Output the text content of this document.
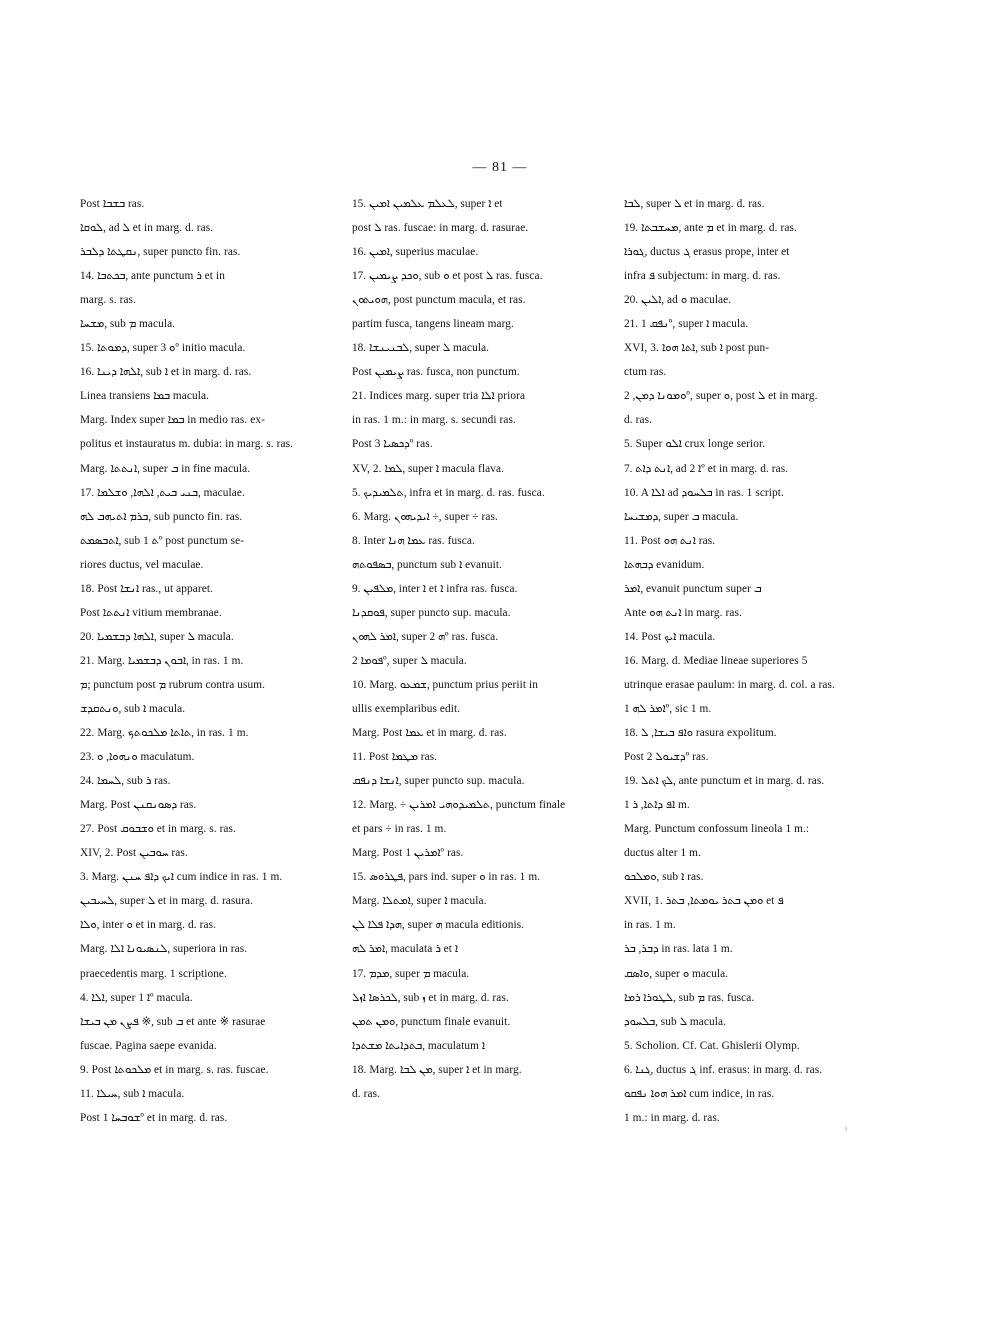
— 81 —
Post ܒܫܒܐ ras.
ܠܘܩܐ, ad ܠ et in marg. d. ras.
ܢܩܛܬܐ ܕܠܒܪ, super puncto fin. ras.
14. ܒܟܬܒܐ, ante punctum ܪ et in
marg. s. ras.
ܡܫܚܐ, sub ܡ macula.
15. ܕܡܘܬܐ, super ܘ 3º initio macula.
16. ܐܠܗܐ ܕܝܢܐ, sub ܐ et in marg. d. ras.
Linea transiens ܒܡܐ macula.
Marg. Index super ܒܡܐ in medio ras. ex-
politus et instauratus m. dubia: in marg. s. ras.
Marg. ܐܢܬܬܐ, super ܒ in fine macula.
17. ܒܢܝ ܒܝܬ, ܐܠܗܐ, ܘܫܠܡܐ, maculae.
ܒܪܡ ܐܬܝܗܒ ܠܗ, sub puncto fin. ras.
ܐܬܒܣܡܬ, sub ܬ 1º post punctum se-
riores ductus, vel maculae.
18. Post ܐܢܫܐ ras., ut apparet.
Post ܐܢܬܬܐ vitium membranae.
20. ܐܠܗܐ ܕܒܫܡܝܐ, super ܠ macula.
21. Marg. ܐܒܘܢ ܕܒܫܡܝܐ, in ras. 1 m.
ܡ; punctum post ܡ rubrum contra usum.
ܘܢܬܩܕܫ, sub ܐ macula.
22. Marg. ܬܐܬܐ ܡܠܟܘܬܟ, in ras. 1 m.
23. ܘܢܗܘܐ, ܘ maculatum.
24. ܠܚܡܐ, sub ܪ ras.
Marg. Post ܕܣܘܢܩܢܢ ras.
27. Post ܘܫܒܘܩ et in marg. s. ras.
XIV, 2. Post ܚܘܒܝܢ ras.
3. Marg. ܐܝܟ ܕܐܦ ܚܢܢ cum indice in ras. 1 m.
ܠܚܝܒܝܢ, super ܠ et in marg. d. rasura.
ܘܠܐ, inter ܘ et in marg. d. ras.
Marg. ܠܢܣܝܘܢܐ ܐܠܐ, superiora in ras.
praecedentis marg. 1 scriptione.
4. ܐܠܐ, super ܐ 1º macula.
ܦܨܢ ܡܢ ܒܝܫܐ ※, sub ܒ et ante ※ rasurae
fuscae. Pagina saepe evanida.
9. Post ܡܠܟܘܬܐ et in marg. s. ras. fuscae.
11. ܚܝܠܐ, sub ܐ macula.
Post ܫܘܒܚܐ 1º et in marg. d. ras.
15. ܠܥܠܡ ܥܠܡܝܢ ܐܡܝܢ, super ܐ et
post ܠ ras. fuscae: in marg. d. rasurae.
16. ܐܡܝܢ, superius maculae.
17. ܘܟܕ ܨܝܡܝܢ, sub ܘ et post ܠ ras. fusca.
ܗܘܝܬܘܢ, post punctum macula, et ras.
partim fusca, tangens lineam marg.
18. ܠܒܢܝܢܫܐ, super ܠ macula.
Post ܨܝܡܝܢ ras. fusca, non punctum.
21. Indices marg. super tria ܐܠܐ priora
in ras. 1 m.: in marg. s. secundi ras.
Post ܕܟܣܝܐ 3º ras.
XV, 2. ܠܡܐ, super ܐ macula flava.
5. ܬܠܡܝܕܝܟ, infra et in marg. d. ras. fusca.
6. Marg. ܐܝܕܝܗܘܢ ÷, super ÷ ras.
8. Inter ܥܡܐ ܗܢܐ ras. fusca.
ܒܣܦܘܬܗ, punctum sub ܐ evanuit.
9. ܡܠܦܝܢ, inter ܐ et ܐ infra ras. fusca.
ܦܘܩܕܢܐ, super puncto sup. macula.
ܐܡܪ ܠܗܘܢ, super ܗ 2º ras. fusca.
ܦܘܡܐ 2º, super ܠ macula.
10. Marg. ܫܡܥܘ, punctum prius periit in
ullis exemplaribus edit.
Marg. Post ܥܡܐ et in marg. d. ras.
11. Post ܡܛܡܐ ras.
ܐܢܫܐ ܕܢܦܩ, super puncto sup. macula.
12. Marg. ÷ ܬܠܡܝܕܘܗܝ ܐܡܪܝܢ, punctum finale
et pars ÷ in ras. 1 m.
Marg. Post ܐܡܪܝܢ 1º ras.
15. ܦܛܪܘܣ, pars ind. super ܘ in ras. 1 m.
Marg. ܐܡܬܠܐ, super ܐ macula.
ܗܕܐ ܦܠܐ ܠܢ, super ܗ macula editionis.
ܐܡܪ ܠܗ, maculata ܪ et ܐ
17. ܡܕܡ, super ܡ macula.
ܠܟܪܣܐ ܐܙܠ, sub ܙ et in marg. d. ras.
ܘܡܢ ܬܡܢ, punctum finale evanuit.
ܒܬܕܐܝܬܐ ܡܫܬܕܐ, maculatum ܐ
18. Marg. ܡܢ ܠܒܐ, super ܐ et in marg.
d. ras.
ܠܒܐ, super ܠ et in marg. d. ras.
19. ܡܚܫܒܬܐ, ante ܡ et in marg. d. ras.
ܓܘܪܐ, ductus ܓ erasus prope, inter et
infra ܦ subjectum: in marg. d. ras.
20. ܐܠܝܢ, ad ܘ maculae.
21. ܢܦܩ 1º, super ܐ macula.
XVI, 3. ܐܬܐ ܗܘܐ, sub ܐ post pun-
ctum ras.
ܘܡܘܢܐ ܕܡܢ, 2º, super ܘ, post ܠ et in marg.
d. ras.
5. Super ܐܠܘ crux longe serior.
7. ܐܢܬ ܕܐܬ, ad ܐ 2º et in marg. d. ras.
10. A ܐܠܐ ad ܒܠܚܘܕ in ras. 1 script.
ܕܡܫܝܚܐ, super ܒ macula.
11. Post ܐܢܬ ܗܘ ras.
ܕܒܗܬܐ evanidum.
ܐܡܪ, evanuit punctum super ܒ
Ante ܐܢܬ ܗܘ in marg. ras.
14. Post ܐܝܟ macula.
16. Marg. d. Mediae lineae superiores 5
utrinque erasae paulum: in marg. d. col. a ras.
ܐܡܪ ܠܗ 1º, sic 1 m.
18. ܘܐܦ ܒܝܫܐ, ܠ rasura expolitum.
Post ܕܫܝܘܠ 2º ras.
19. ܠܟ ܐܬܠ, ante punctum et in marg. d. ras.
ܐܦ ܕܐܬܐ, ܪ 1 m.
Marg. Punctum confossum lineola 1 m.:
ductus alter 1 m.
ܘܡܠܟܘ, sub ܐ ras.
XVII, 1. ܘܡܢ ܒܬܪ ܝܘܡܬܐ, ܒܬܪ et ܦ
in ras. 1 m.
ܕܒܪ, ܒܪ in ras. lata 1 m.
ܘܐܣܩ, super ܘ macula.
ܠܛܘܪܐ ܪܡܐ, sub ܡ ras. fusca.
ܒܠܚܘܕ, sub ܠ macula.
5. Scholion. Cf. Cat. Ghislerii Olymp.
6. ܓܢܐ, ductus ܓ inf. erasus: in marg. d. ras.
ܐܡܪ ܗܘܐ ܢܦܩܘ cum indice, in ras.
1 m.: in marg. d. ras.
ⁱ
